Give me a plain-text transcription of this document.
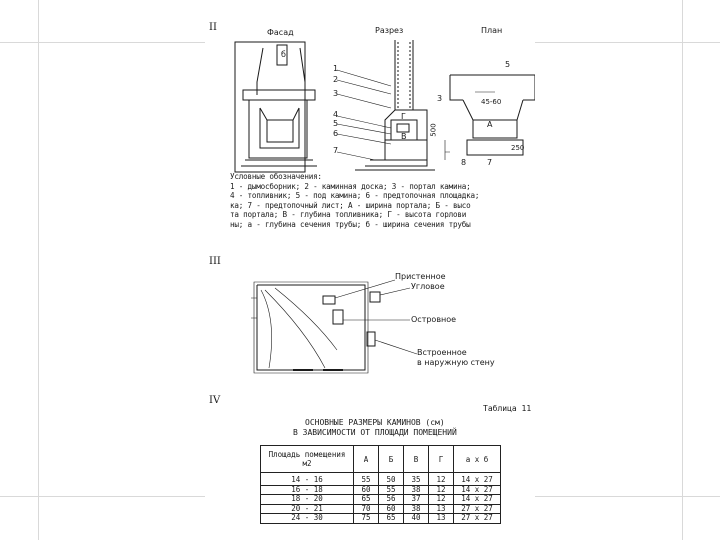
II
III
IV
Фасад	Разрез	План
1
2
3
4
5
6
7
5
3
8	7
45-60
500
250
б
А
Г
В
Условные обозначения:
1 - дымосборник; 2 - каминная доска; 3 - портал камина;
4 - топливник; 5 - под камина; 6 - предтопочная площадка;
ка; 7 - предтопочный лист; А - ширина портала; Б - высо
та портала; В - глубина топливника; Г - высота горлови
ны; а - глубина сечения трубы; б - ширина сечения трубы
Пристенное
Угловое
Островное
Встроенное
в наружную стену
Таблица 11
ОСНОВНЫЕ РАЗМЕРЫ КАМИНОВ (см)
В ЗАВИСИМОСТИ ОТ ПЛОЩАДИ ПОМЕЩЕНИЙ
Площадь помещения м2	А	Б	В	Г	а х б
14 - 16	55	50	35	12	14 х 27
16 - 18	60	55	38	12	14 х 27
18 - 20	65	56	37	12	14 х 27
20 - 21	70	60	38	13	27 х 27
24 - 30	75	65	40	13	27 х 27
